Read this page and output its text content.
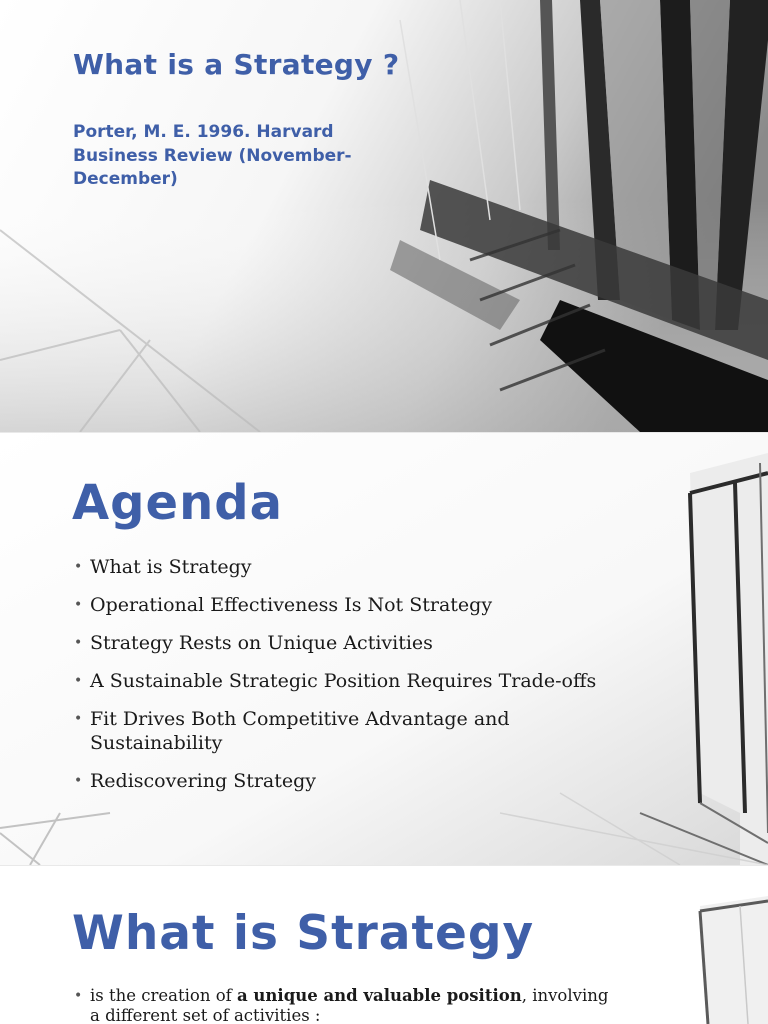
What is a Strategy ?
Porter, M. E. 1996. Harvard Business Review (November-December)
Agenda
• What is Strategy
• Operational Effectiveness Is Not Strategy
• Strategy Rests on Unique Activities
• A Sustainable Strategic Position Requires Trade-offs
• Fit Drives Both Competitive Advantage and Sustainability
• Rediscovering Strategy
What is Strategy
• is the creation of a unique and valuable position, involving a different set of activities :
